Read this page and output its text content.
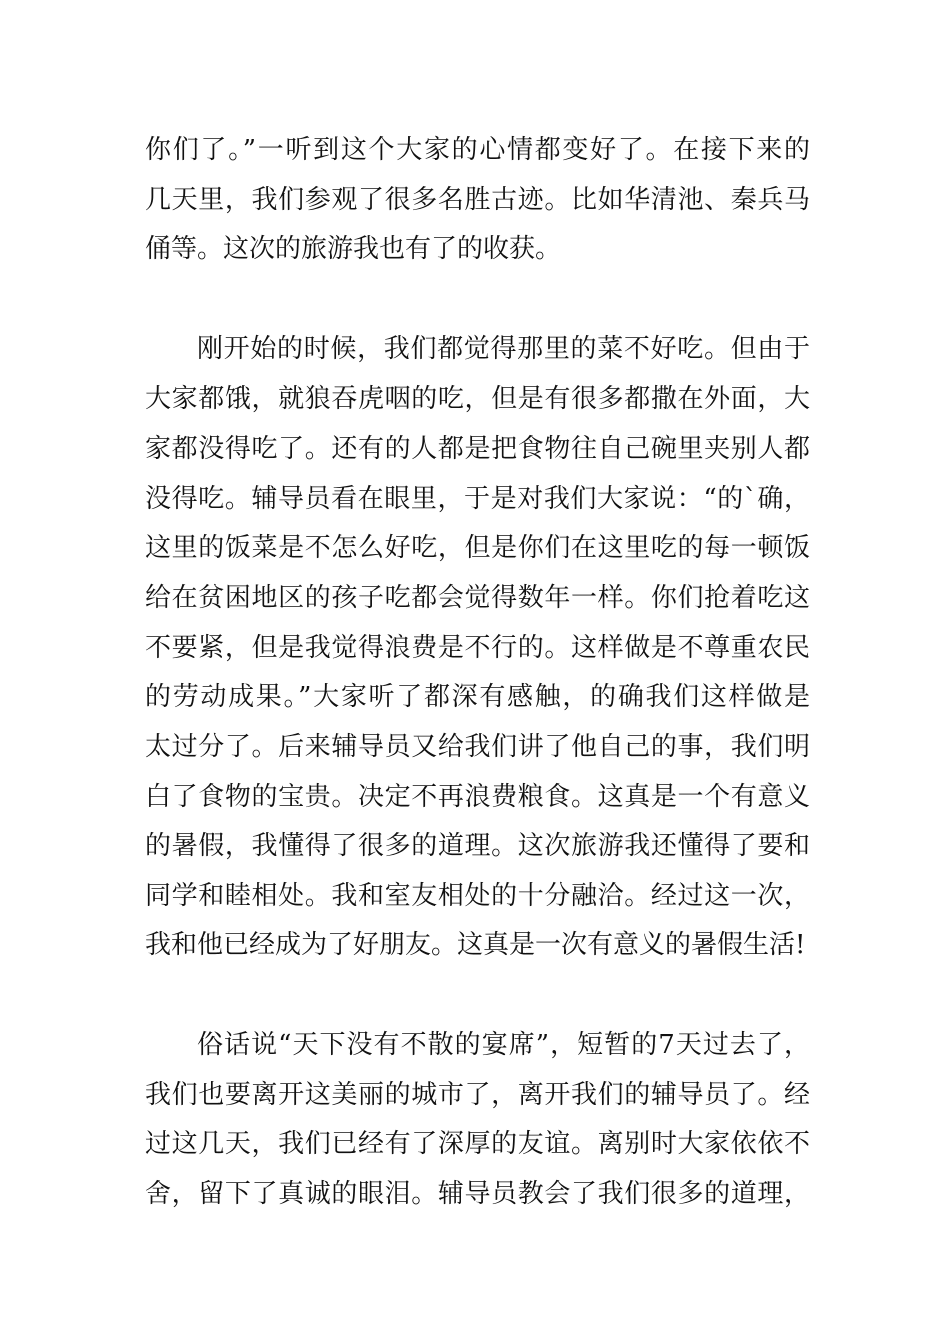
你们了。”一听到这个大家的心情都变好了。在接下来的
几天里，我们参观了很多名胜古迹。比如华清池、秦兵马
俑等。这次的旅游我也有了的收获。
刚开始的时候，我们都觉得那里的菜不好吃。但由于
大家都饿，就狼吞虎咽的吃，但是有很多都撒在外面，大
家都没得吃了。还有的人都是把食物往自己碗里夹别人都
没得吃。辅导员看在眼里，于是对我们大家说：“的`确，
这里的饭菜是不怎么好吃，但是你们在这里吃的每一顿饭
给在贫困地区的孩子吃都会觉得数年一样。你们抢着吃这
不要紧，但是我觉得浪费是不行的。这样做是不尊重农民
的劳动成果。”大家听了都深有感触，的确我们这样做是
太过分了。后来辅导员又给我们讲了他自己的事，我们明
白了食物的宝贵。决定不再浪费粮食。这真是一个有意义
的暑假，我懂得了很多的道理。这次旅游我还懂得了要和
同学和睦相处。我和室友相处的十分融洽。经过这一次，
我和他已经成为了好朋友。这真是一次有意义的暑假生活!
俗话说“天下没有不散的宴席”，短暂的7天过去了，
我们也要离开这美丽的城市了，离开我们的辅导员了。经
过这几天，我们已经有了深厚的友谊。离别时大家依依不
舍，留下了真诚的眼泪。辅导员教会了我们很多的道理，
